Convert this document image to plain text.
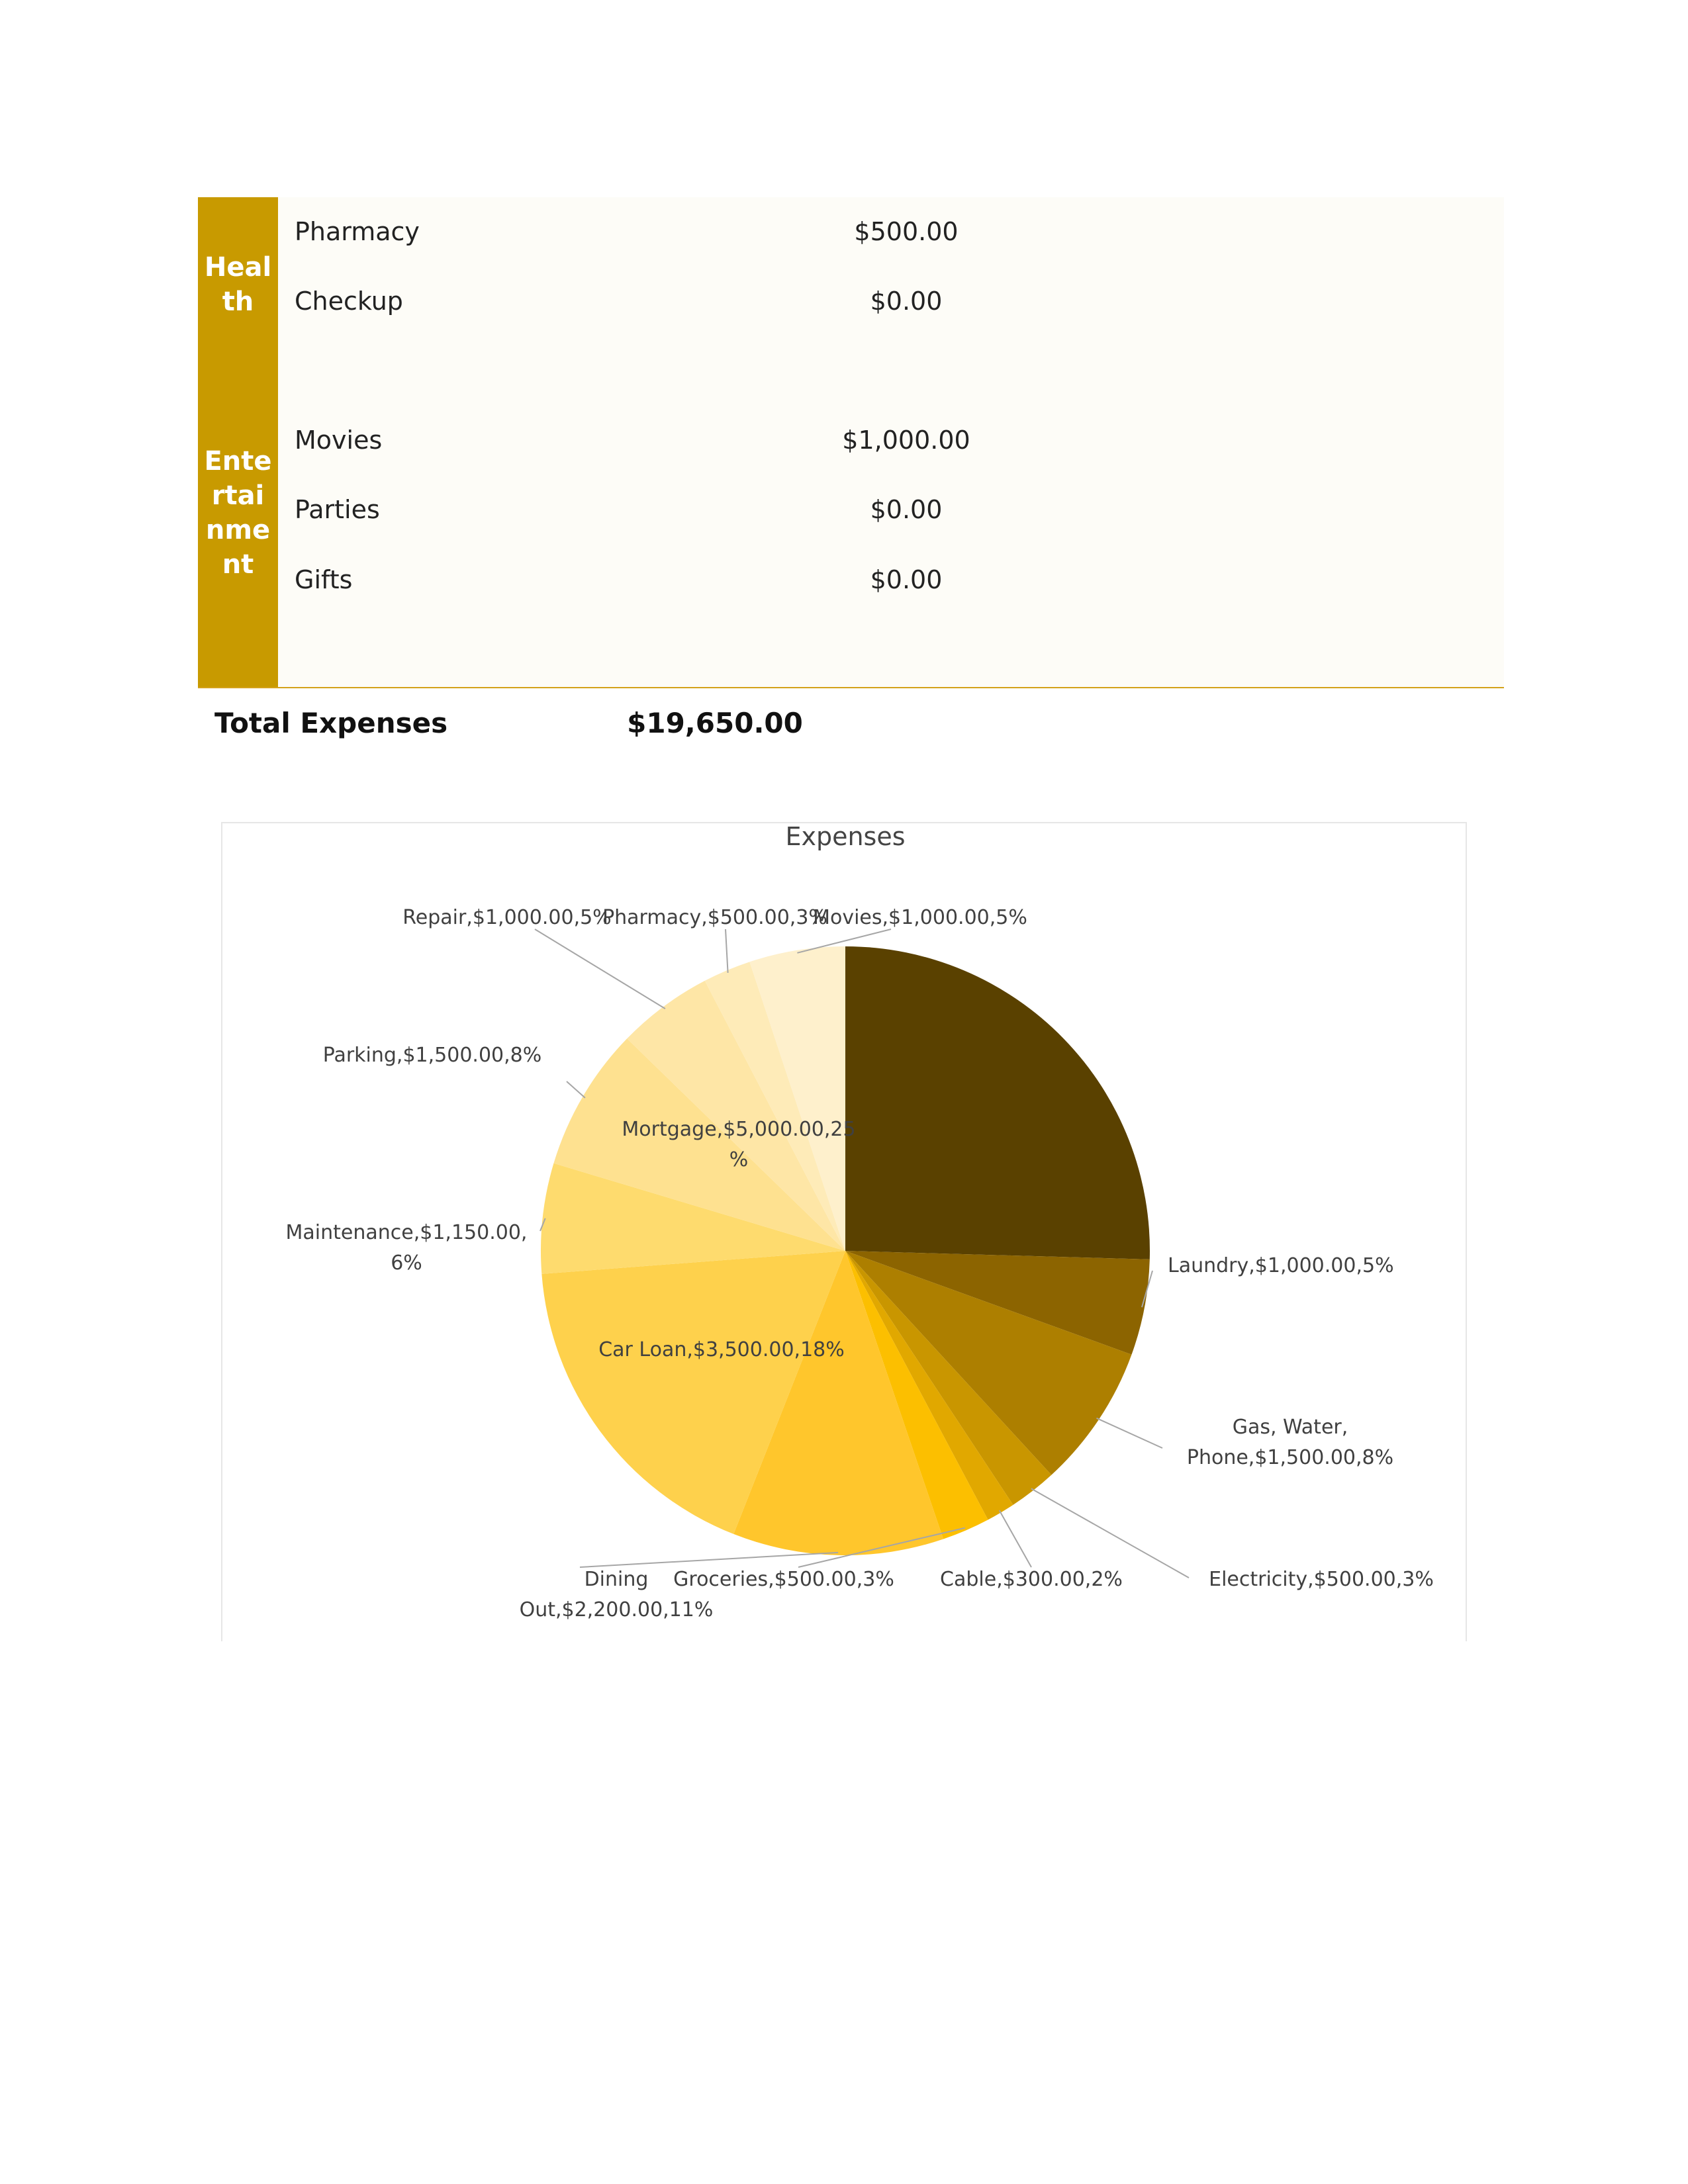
Health
Pharmacy	$500.00
Checkup	$0.00
Entertainment
Movies	$1,000.00
Parties	$0.00
Gifts	$0.00
Total Expenses	$19,650.00
Expenses
Mortgage,$5,000.00,25 %
Laundry,$1,000.00,5%
Gas, Water, Phone,$1,500.00,8%
Electricity,$500.00,3%
Cable,$300.00,2%
Groceries,$500.00,3%
Dining Out,$2,200.00,11%
Car Loan,$3,500.00,18%
Maintenance,$1,150.00, 6%
Parking,$1,500.00,8%
Repair,$1,000.00,5%
Pharmacy,$500.00,3%
Movies,$1,000.00,5%
